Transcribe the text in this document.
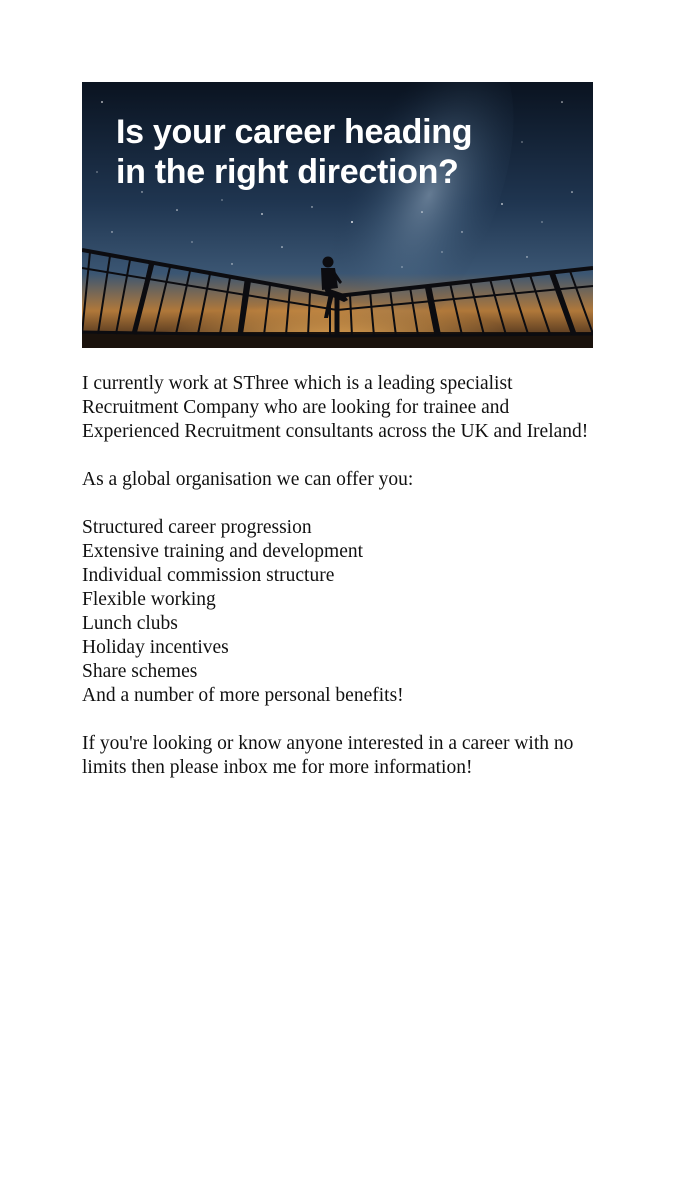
Is your career heading
in the right direction?

I currently work at SThree which is a leading specialist Recruitment Company who are looking for trainee and Experienced Recruitment consultants across the UK and Ireland!

As a global organisation we can offer you:

Structured career progression
Extensive training and development
Individual commission structure
Flexible working
Lunch clubs
Holiday incentives
Share schemes
And a number of more personal benefits!

If you're looking or know anyone interested in a career with no limits then please inbox me for more information!
